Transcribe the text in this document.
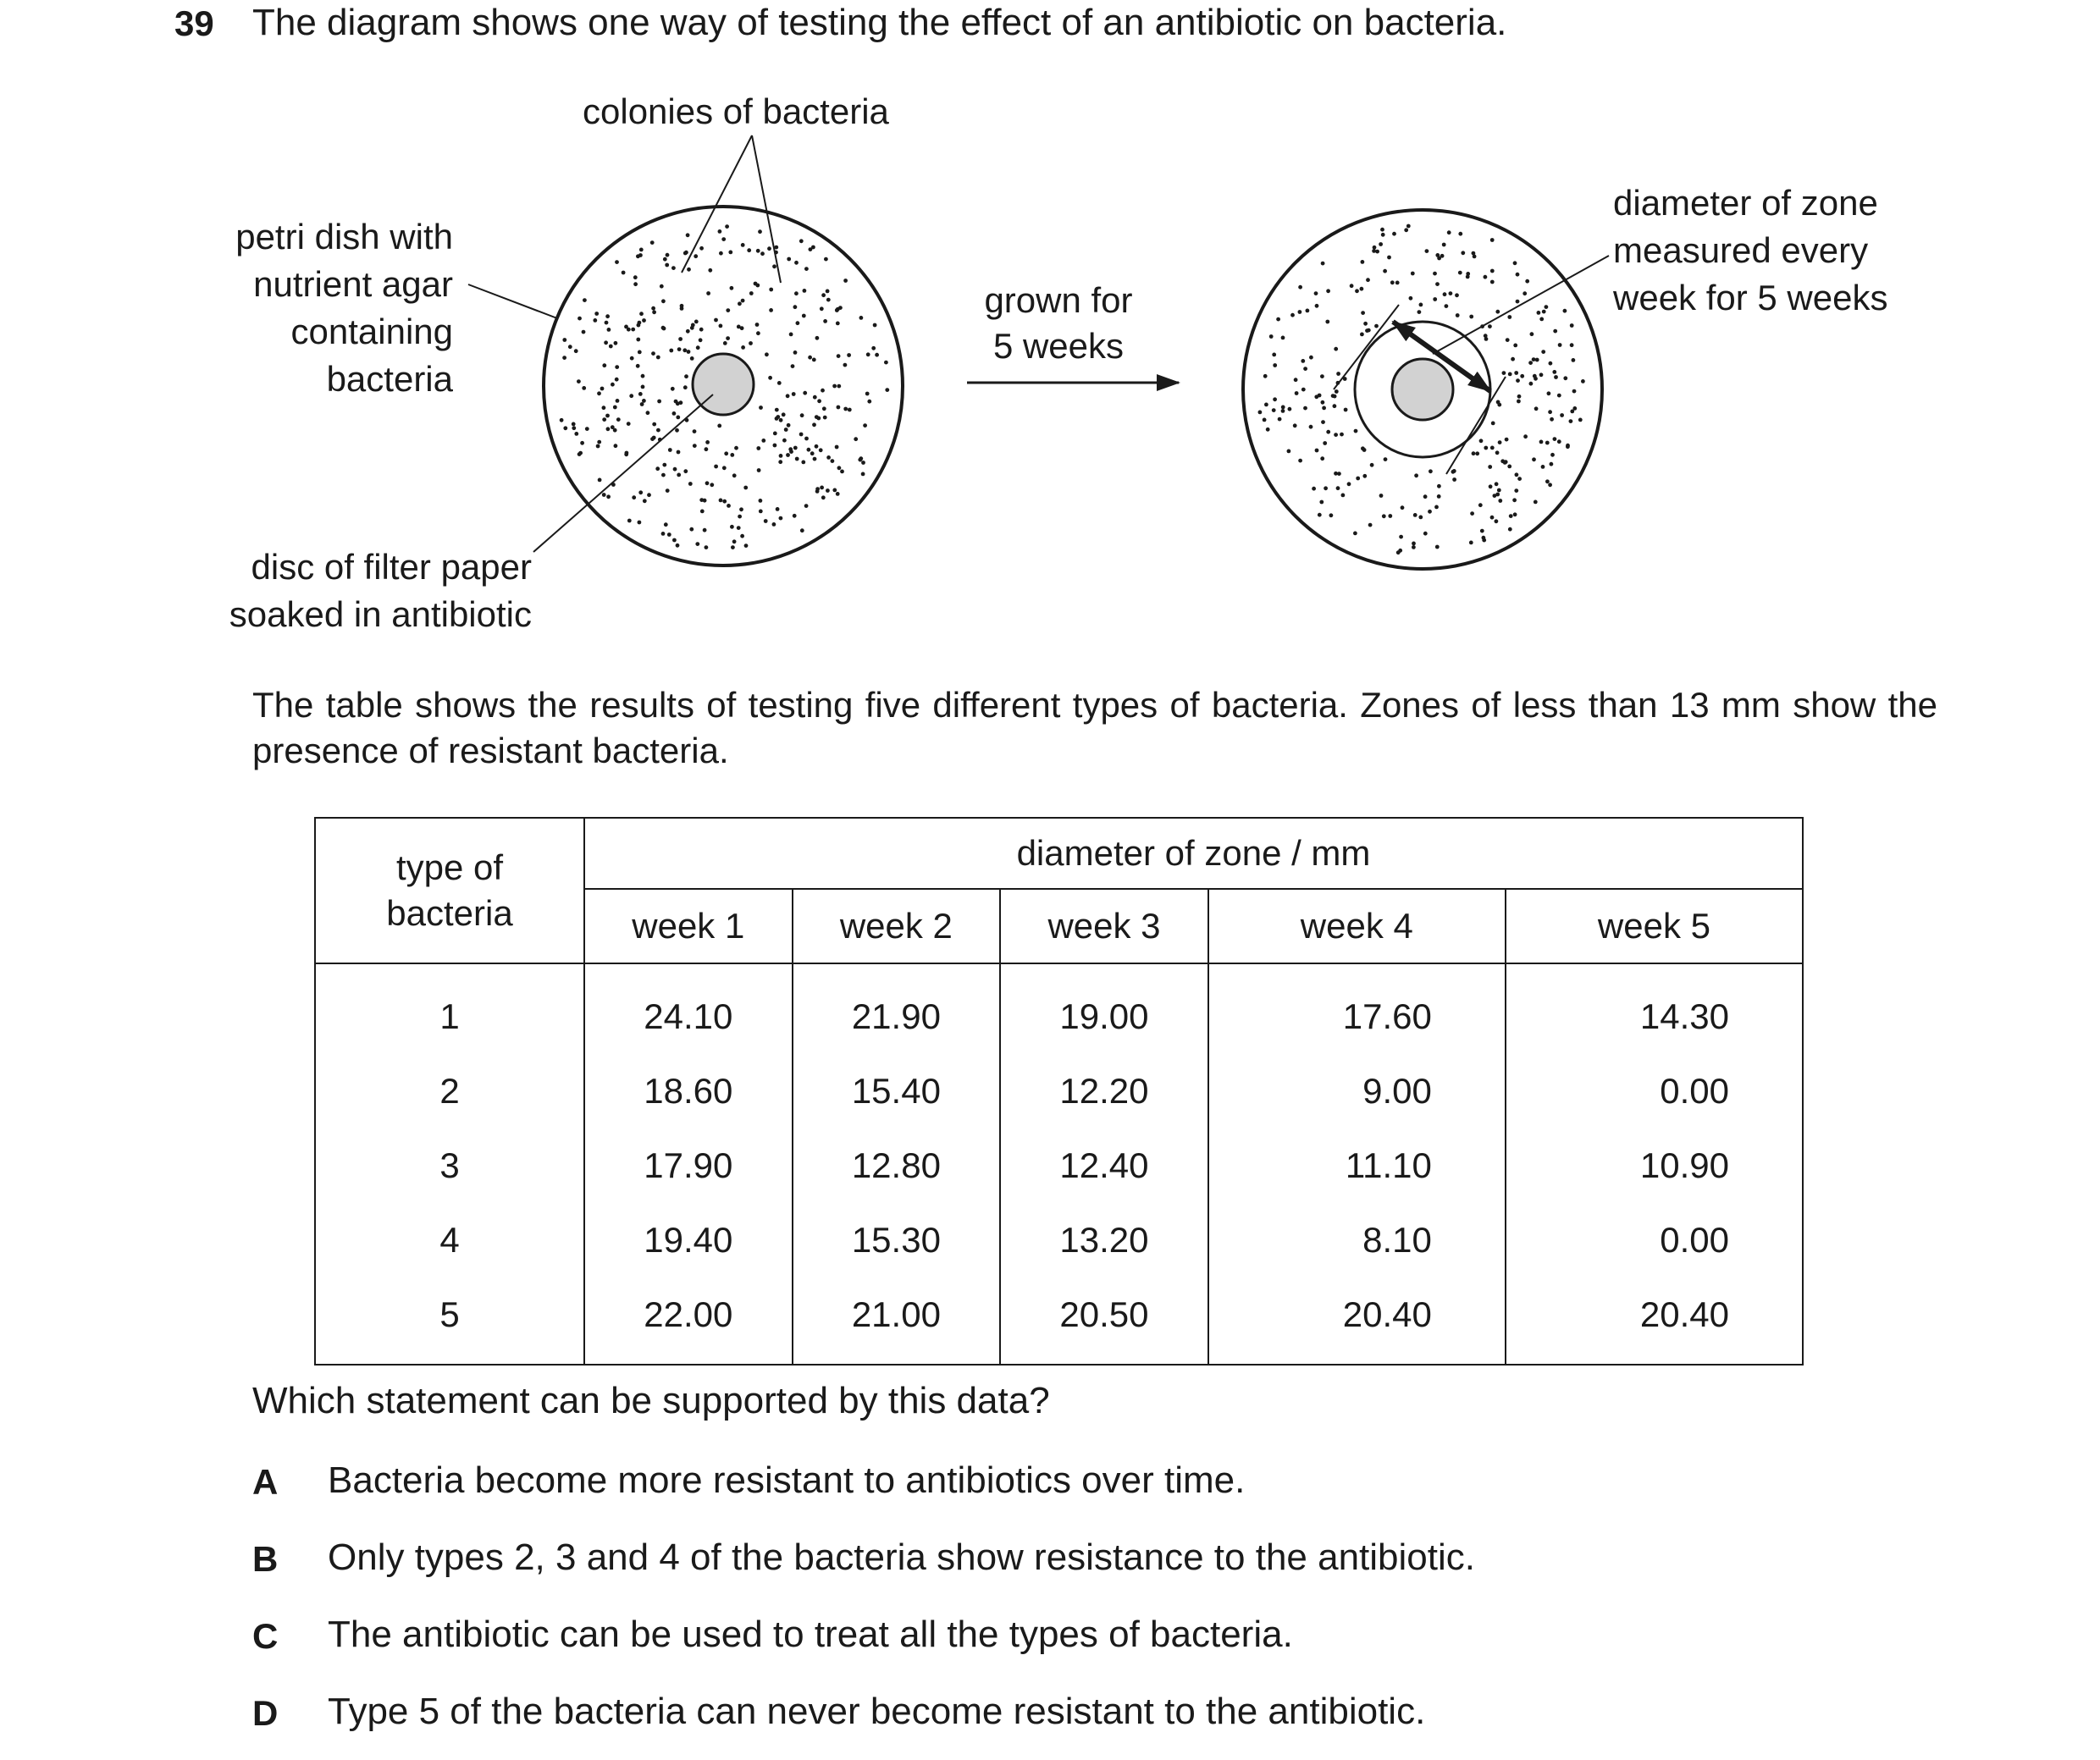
39 The diagram shows one way of testing the effect of an antibiotic on bacteria.
colonies of bacteria
petri dish with
nutrient agar
containing
bacteria
disc of filter paper
soaked in antibiotic
grown for
5 weeks
diameter of zone
measured every
week for 5 weeks
The table shows the results of testing five different types of bacteria. Zones of less than 13 mm show the presence of resistant bacteria.
type of
bacteria	diameter of zone / mm				
	week 1	week 2	week 3	week 4	week 5
1	24.10	21.90	19.00	17.60	14.30
2	18.60	15.40	12.20	9.00	0.00
3	17.90	12.80	12.40	11.10	10.90
4	19.40	15.30	13.20	8.10	0.00
5	22.00	21.00	20.50	20.40	20.40
Which statement can be supported by this data?
A Bacteria become more resistant to antibiotics over time.
B Only types 2, 3 and 4 of the bacteria show resistance to the antibiotic.
C The antibiotic can be used to treat all the types of bacteria.
D Type 5 of the bacteria can never become resistant to the antibiotic.
